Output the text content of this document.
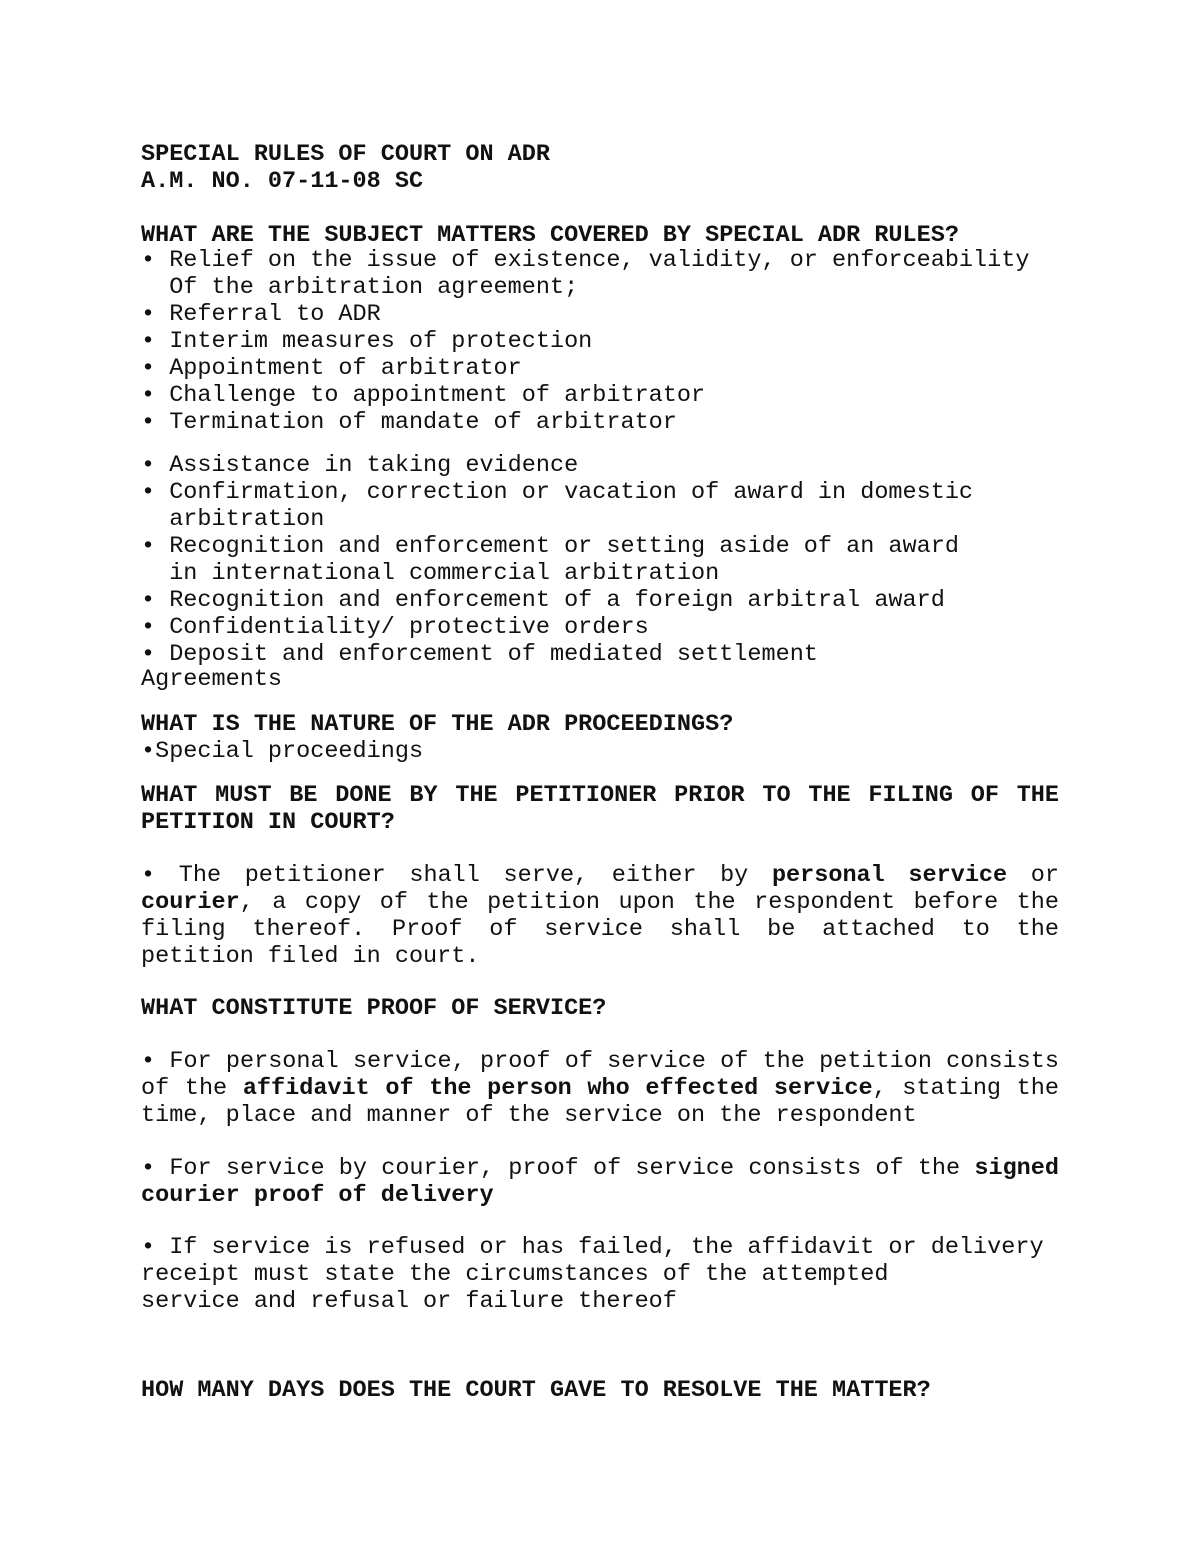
SPECIAL RULES OF COURT ON ADR
A.M. NO. 07-11-08 SC
WHAT ARE THE SUBJECT MATTERS COVERED BY SPECIAL ADR RULES?
• Relief on the issue of existence, validity, or enforceability
Of the arbitration agreement;
• Referral to ADR
• Interim measures of protection
• Appointment of arbitrator
• Challenge to appointment of arbitrator
• Termination of mandate of arbitrator
• Assistance in taking evidence
• Confirmation, correction or vacation of award in domestic
arbitration
• Recognition and enforcement or setting aside of an award
in international commercial arbitration
• Recognition and enforcement of a foreign arbitral award
• Confidentiality/ protective orders
• Deposit and enforcement of mediated settlement
Agreements
WHAT IS THE NATURE OF THE ADR PROCEEDINGS?
•Special proceedings
WHAT MUST BE DONE BY THE PETITIONER PRIOR TO THE FILING OF THE
PETITION IN COURT?
• The petitioner shall serve, either by personal service or
courier, a copy of the petition upon the respondent before the
filing thereof. Proof of service shall be attached to the
petition filed in court.
WHAT CONSTITUTE PROOF OF SERVICE?
• For personal service, proof of service of the petition consists
of the affidavit of the person who effected service, stating the
time, place and manner of the service on the respondent
• For service by courier, proof of service consists of the signed
courier proof of delivery
• If service is refused or has failed, the affidavit or delivery
receipt must state the circumstances of the attempted
service and refusal or failure thereof
HOW MANY DAYS DOES THE COURT GAVE TO RESOLVE THE MATTER?
